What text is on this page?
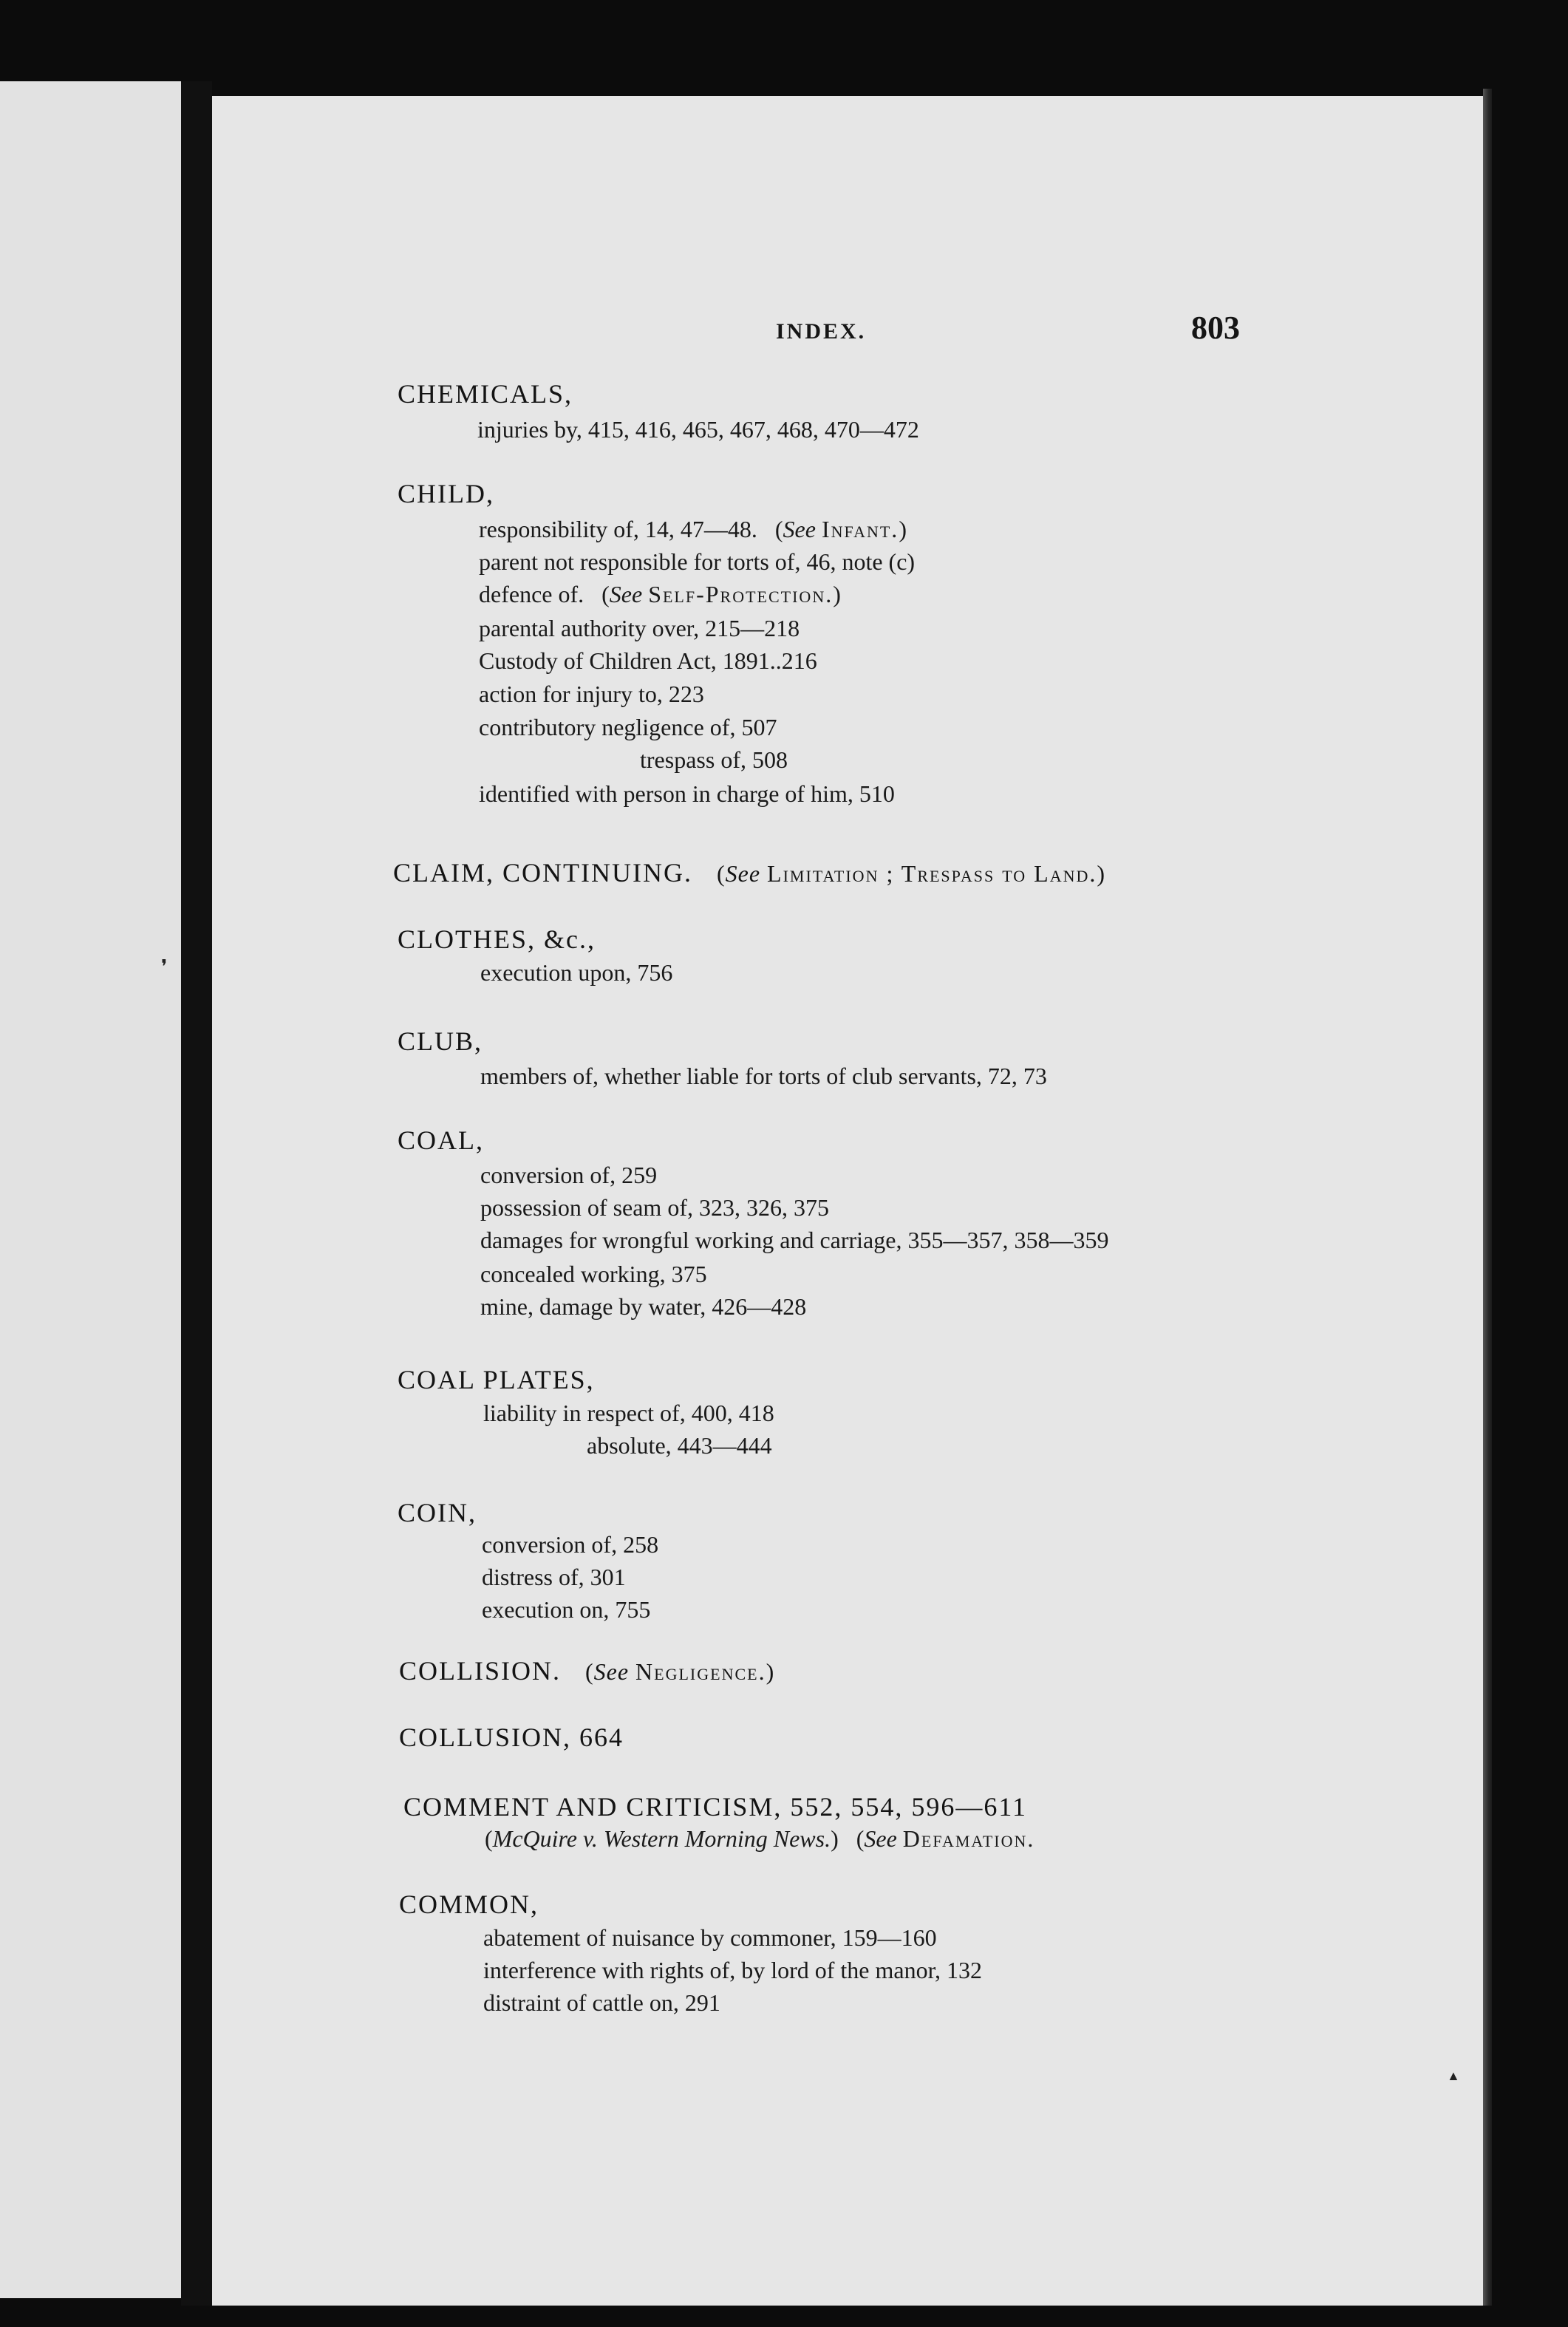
❜
▲
INDEX.	803
CHEMICALS,
injuries by, 415, 416, 465, 467, 468, 470—472
CHILD,
responsibility of, 14, 47—48.   (See Infant.)
parent not responsible for torts of, 46, note (c)
defence of.   (See Self-Protection.)
parental authority over, 215—218
Custody of Children Act, 1891..216
action for injury to, 223
contributory negligence of, 507
trespass of, 508
identified with person in charge of him, 510
CLAIM, CONTINUING. (See Limitation ; Trespass to Land.)
CLOTHES, &c.,
execution upon, 756
CLUB,
members of, whether liable for torts of club servants, 72, 73
COAL,
conversion of, 259
possession of seam of, 323, 326, 375
damages for wrongful working and carriage, 355—357, 358—359
concealed working, 375
mine, damage by water, 426—428
COAL PLATES,
liability in respect of, 400, 418
absolute, 443—444
COIN,
conversion of, 258
distress of, 301
execution on, 755
COLLISION. (See Negligence.)
COLLUSION, 664
COMMENT AND CRITICISM, 552, 554, 596—611
(McQuire v. Western Morning News.)   (See Defamation.
COMMON,
abatement of nuisance by commoner, 159—160
interference with rights of, by lord of the manor, 132
distraint of cattle on, 291
